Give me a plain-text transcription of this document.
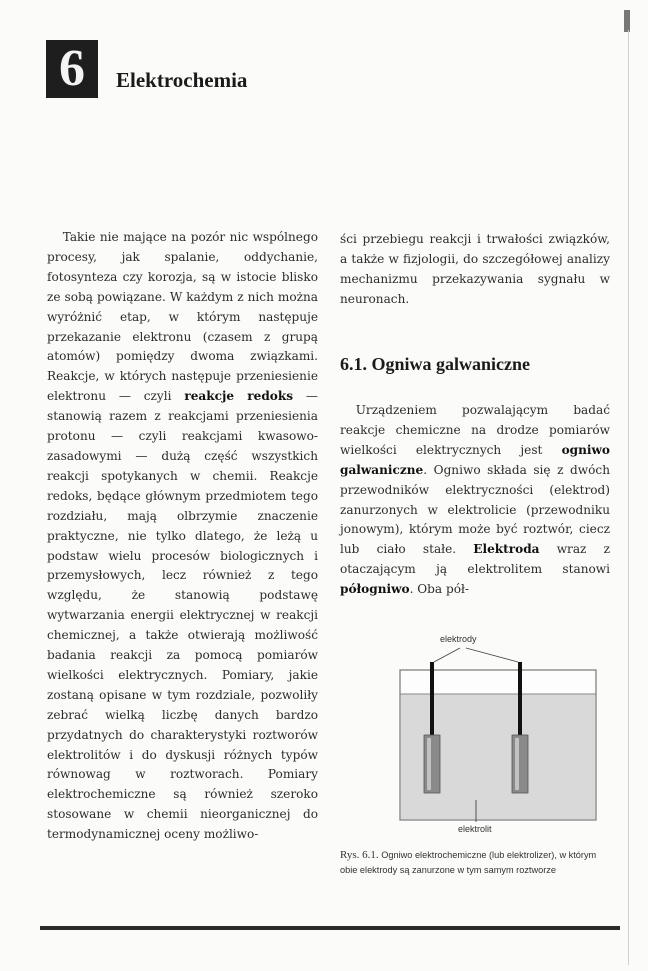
6	Elektrochemia

Takie nie mające na pozór nic wspólnego procesy, jak spalanie, oddychanie, fotosynteza czy korozja, są w istocie blisko ze sobą powiązane. W każdym z nich można wyróżnić etap, w którym następuje przekazanie elektronu (czasem z grupą atomów) pomiędzy dwoma związkami. Reakcje, w których następuje przeniesienie elektronu — czyli reakcje redoks — stanowią razem z reakcjami przeniesienia protonu — czyli reakcjami kwasowo-zasadowymi — dużą część wszystkich reakcji spotykanych w chemii. Reakcje redoks, będące głównym przedmiotem tego rozdziału, mają olbrzymie znaczenie praktyczne, nie tylko dlatego, że leżą u podstaw wielu procesów biologicznych i przemysłowych, lecz również z tego względu, że stanowią podstawę wytwarzania energii elektrycznej w reakcji chemicznej, a także otwierają możliwość badania reakcji za pomocą pomiarów wielkości elektrycznych. Pomiary, jakie zostaną opisane w tym rozdziale, pozwoliły zebrać wielką liczbę danych bardzo przydatnych do charakterystyki roztworów elektrolitów i do dyskusji różnych typów równowag w roztworach. Pomiary elektrochemiczne są również szeroko stosowane w chemii nieorganicznej do termodynamicznej oceny możliwo-

ści przebiegu reakcji i trwałości związków, a także w fizjologii, do szczegółowej analizy mechanizmu przekazywania sygnału w neuronach.

6.1. Ogniwa galwaniczne

Urządzeniem pozwalającym badać reakcje chemiczne na drodze pomiarów wielkości elektrycznych jest ogniwo galwaniczne. Ogniwo składa się z dwóch przewodników elektryczności (elektrod) zanurzonych w elektrolicie (przewodniku jonowym), którym może być roztwór, ciecz lub ciało stałe. Elektroda wraz z otaczającym ją elektrolitem stanowi półogniwo. Oba pół-

elektrody
elektrolit
Rys. 6.1. Ogniwo elektrochemiczne (lub elektrolizer), w którym obie elektrody są zanurzone w tym samym roztworze
